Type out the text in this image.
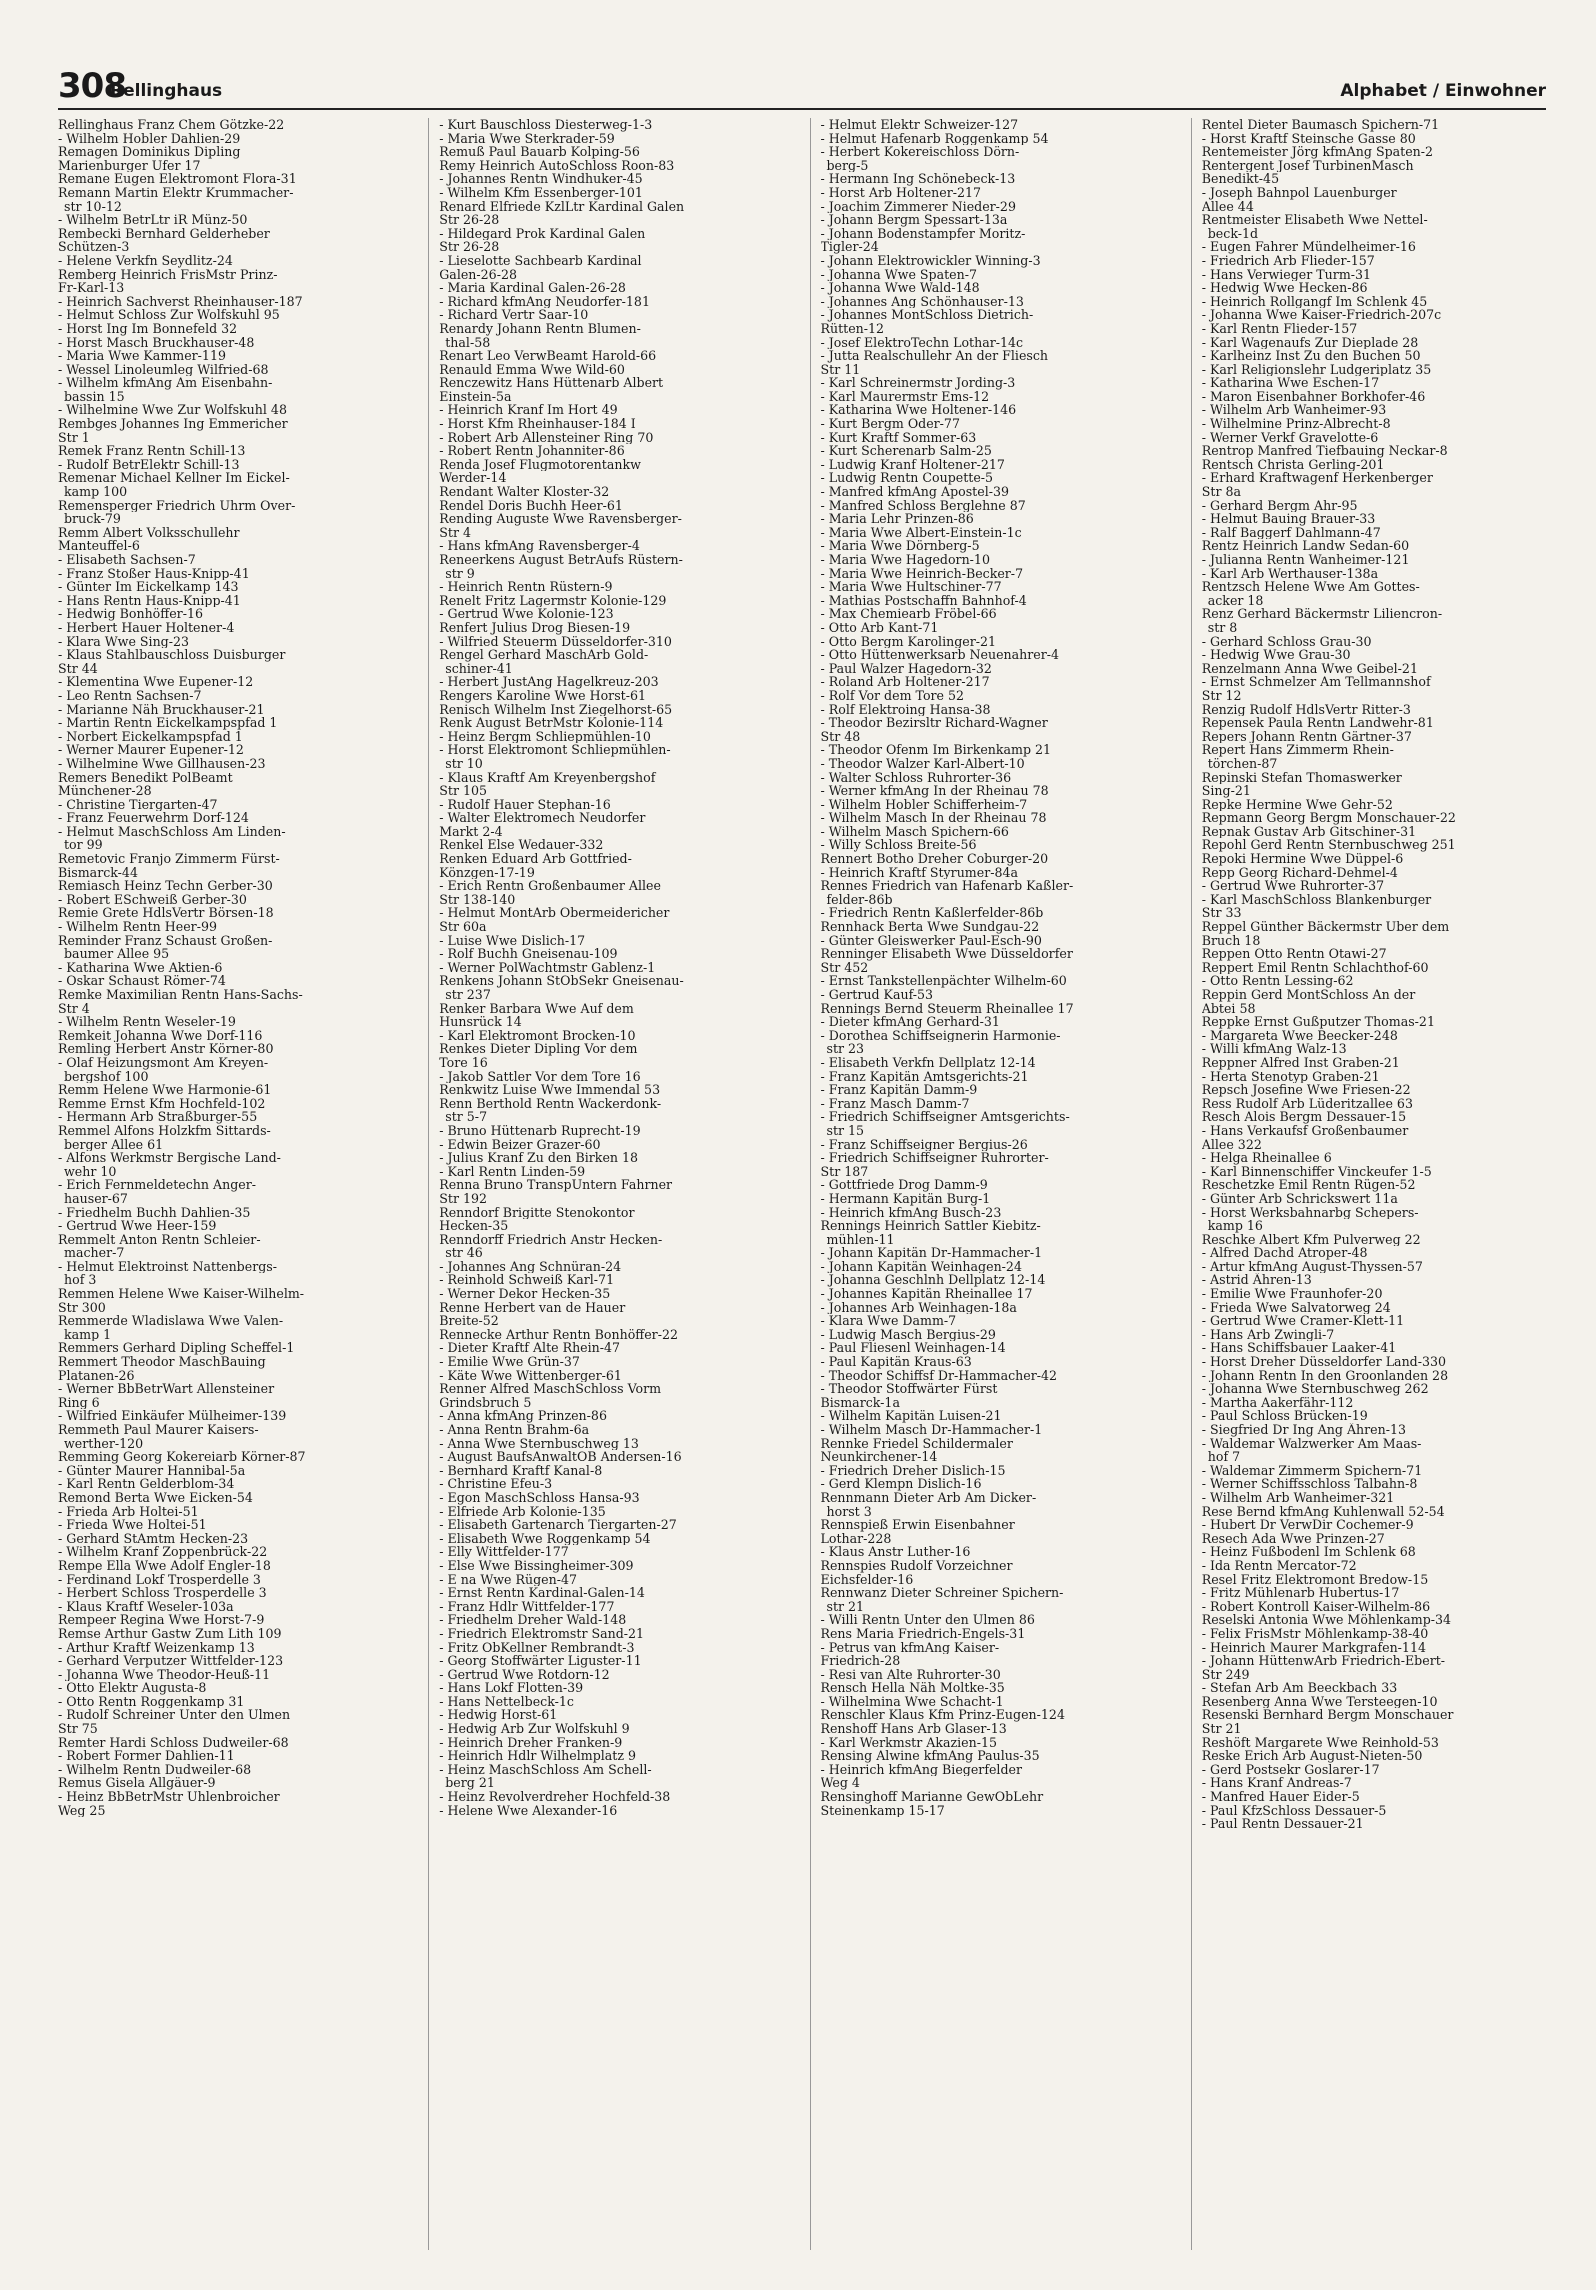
308
Rellinghaus	Alphabet / Einwohner
Rellinghaus Franz Chem Götzke-22
- Wilhelm Hobler Dahlien-29
Remagen Dominikus Dipling
Marienburger Ufer 17
Remane Eugen Elektromont Flora-31
Remann Martin Elektr Krummacher-
str 10-12
- Wilhelm BetrLtr iR Münz-50
Rembecki Bernhard Gelderheber
Schützen-3
- Helene Verkfn Seydlitz-24
Remberg Heinrich FrisMstr Prinz-
Fr-Karl-13
- Heinrich Sachverst Rheinhauser-187
- Helmut Schloss Zur Wolfskuhl 95
- Horst Ing Im Bonnefeld 32
- Horst Masch Bruckhauser-48
- Maria Wwe Kammer-119
- Wessel Linoleumleg Wilfried-68
- Wilhelm kfmAng Am Eisenbahn-
bassin 15
- Wilhelmine Wwe Zur Wolfskuhl 48
Rembges Johannes Ing Emmericher
Str 1
Remek Franz Rentn Schill-13
- Rudolf BetrElektr Schill-13
Remenar Michael Kellner Im Eickel-
kamp 100
Remensperger Friedrich Uhrm Over-
bruck-79
Remm Albert Volksschullehr
Manteuffel-6
- Elisabeth Sachsen-7
- Franz Stoßer Haus-Knipp-41
- Günter Im Eickelkamp 143
- Hans Rentn Haus-Knipp-41
- Hedwig Bonhöffer-16
- Herbert Hauer Holtener-4
- Klara Wwe Sing-23
- Klaus Stahlbauschloss Duisburger
Str 44
- Klementina Wwe Eupener-12
- Leo Rentn Sachsen-7
- Marianne Näh Bruckhauser-21
- Martin Rentn Eickelkampspfad 1
- Norbert Eickelkampspfad 1
- Werner Maurer Eupener-12
- Wilhelmine Wwe Gillhausen-23
Remers Benedikt PolBeamt
Münchener-28
- Christine Tiergarten-47
- Franz Feuerwehrm Dorf-124
- Helmut MaschSchloss Am Linden-
tor 99
Remetovic Franjo Zimmerm Fürst-
Bismarck-44
Remiasch Heinz Techn Gerber-30
- Robert ESchweiß Gerber-30
Remie Grete HdlsVertr Börsen-18
- Wilhelm Rentn Heer-99
Reminder Franz Schaust Großen-
baumer Allee 95
- Katharina Wwe Aktien-6
- Oskar Schaust Römer-74
Remke Maximilian Rentn Hans-Sachs-
Str 4
- Wilhelm Rentn Weseler-19
Remkeit Johanna Wwe Dorf-116
Remling Herbert Anstr Körner-80
- Olaf Heizungsmont Am Kreyen-
bergshof 100
Remm Helene Wwe Harmonie-61
Remme Ernst Kfm Hochfeld-102
- Hermann Arb Straßburger-55
Remmel Alfons Holzkfm Sittards-
berger Allee 61
- Alfons Werkmstr Bergische Land-
wehr 10
- Erich Fernmeldetechn Anger-
hauser-67
- Friedhelm Buchh Dahlien-35
- Gertrud Wwe Heer-159
Remmelt Anton Rentn Schleier-
macher-7
- Helmut Elektroinst Nattenbergs-
hof 3
Remmen Helene Wwe Kaiser-Wilhelm-
Str 300
Remmerde Wladislawa Wwe Valen-
kamp 1
Remmers Gerhard Dipling Scheffel-1
Remmert Theodor MaschBauing
Platanen-26
- Werner BbBetrWart Allensteiner
Ring 6
- Wilfried Einkäufer Mülheimer-139
Remmeth Paul Maurer Kaisers-
werther-120
Remming Georg Kokereiarb Körner-87
- Günter Maurer Hannibal-5a
- Karl Rentn Gelderblom-34
Remond Berta Wwe Eicken-54
- Frieda Arb Holtei-51
- Frieda Wwe Holtei-51
- Gerhard StAmtm Hecken-23
- Wilhelm Kranf Zoppenbrück-22
Rempe Ella Wwe Adolf Engler-18
- Ferdinand Lokf Trosperdelle 3
- Herbert Schloss Trosperdelle 3
- Klaus Kraftf Weseler-103a
Rempeer Regina Wwe Horst-7-9
Remse Arthur Gastw Zum Lith 109
- Arthur Kraftf Weizenkamp 13
- Gerhard Verputzer Wittfelder-123
- Johanna Wwe Theodor-Heuß-11
- Otto Elektr Augusta-8
- Otto Rentn Roggenkamp 31
- Rudolf Schreiner Unter den Ulmen
Str 75
Remter Hardi Schloss Dudweiler-68
- Robert Former Dahlien-11
- Wilhelm Rentn Dudweiler-68
Remus Gisela Allgäuer-9
- Heinz BbBetrMstr Uhlenbroicher
Weg 25
- Kurt Bauschloss Diesterweg-1-3
- Maria Wwe Sterkrader-59
Remuß Paul Bauarb Kolping-56
Remy Heinrich AutoSchloss Roon-83
- Johannes Rentn Windhuker-45
- Wilhelm Kfm Essenberger-101
Renard Elfriede KzlLtr Kardinal Galen
Str 26-28
- Hildegard Prok Kardinal Galen
Str 26-28
- Lieselotte Sachbearb Kardinal
Galen-26-28
- Maria Kardinal Galen-26-28
- Richard kfmAng Neudorfer-181
- Richard Vertr Saar-10
Renardy Johann Rentn Blumen-
thal-58
Renart Leo VerwBeamt Harold-66
Renauld Emma Wwe Wild-60
Renczewitz Hans Hüttenarb Albert
Einstein-5a
- Heinrich Kranf Im Hort 49
- Horst Kfm Rheinhauser-184 I
- Robert Arb Allensteiner Ring 70
- Robert Rentn Johanniter-86
Renda Josef Flugmotorentankw
Werder-14
Rendant Walter Kloster-32
Rendel Doris Buchh Heer-61
Rending Auguste Wwe Ravensberger-
Str 4
- Hans kfmAng Ravensberger-4
Reneerkens August BetrAufs Rüstern-
str 9
- Heinrich Rentn Rüstern-9
Renelt Fritz Lagermstr Kolonie-129
- Gertrud Wwe Kolonie-123
Renfert Julius Drog Biesen-19
- Wilfried Steuerm Düsseldorfer-310
Rengel Gerhard MaschArb Gold-
schiner-41
- Herbert JustAng Hagelkreuz-203
Rengers Karoline Wwe Horst-61
Renisch Wilhelm Inst Ziegelhorst-65
Renk August BetrMstr Kolonie-114
- Heinz Bergm Schliepmühlen-10
- Horst Elektromont Schliepmühlen-
str 10
- Klaus Kraftf Am Kreyenbergshof
Str 105
- Rudolf Hauer Stephan-16
- Walter Elektromech Neudorfer
Markt 2-4
Renkel Else Wedauer-332
Renken Eduard Arb Gottfried-
Könzgen-17-19
- Erich Rentn Großenbaumer Allee
Str 138-140
- Helmut MontArb Obermeidericher
Str 60a
- Luise Wwe Dislich-17
- Rolf Buchh Gneisenau-109
- Werner PolWachtmstr Gablenz-1
Renkens Johann StObSekr Gneisenau-
str 237
Renker Barbara Wwe Auf dem
Hunsrück 14
- Karl Elektromont Brocken-10
Renkes Dieter Dipling Vor dem
Tore 16
- Jakob Sattler Vor dem Tore 16
Renkwitz Luise Wwe Immendal 53
Renn Berthold Rentn Wackerdonk-
str 5-7
- Bruno Hüttenarb Ruprecht-19
- Edwin Beizer Grazer-60
- Julius Kranf Zu den Birken 18
- Karl Rentn Linden-59
Renna Bruno TranspUntern Fahrner
Str 192
Renndorf Brigitte Stenokontor
Hecken-35
Renndorff Friedrich Anstr Hecken-
str 46
- Johannes Ang Schnüran-24
- Reinhold Schweiß Karl-71
- Werner Dekor Hecken-35
Renne Herbert van de Hauer
Breite-52
Rennecke Arthur Rentn Bonhöffer-22
- Dieter Kraftf Alte Rhein-47
- Emilie Wwe Grün-37
- Käte Wwe Wittenberger-61
Renner Alfred MaschSchloss Vorm
Grindsbruch 5
- Anna kfmAng Prinzen-86
- Anna Rentn Brahm-6a
- Anna Wwe Sternbuschweg 13
- August BaufsAnwaltOB Andersen-16
- Bernhard Kraftf Kanal-8
- Christine Efeu-3
- Egon MaschSchloss Hansa-93
- Elfriede Arb Kolonie-135
- Elisabeth Gartenarch Tiergarten-27
- Elisabeth Wwe Roggenkamp 54
- Elly Wittfelder-177
- Else Wwe Bissingheimer-309
- E na Wwe Rügen-47
- Ernst Rentn Kardinal-Galen-14
- Franz Hdlr Wittfelder-177
- Friedhelm Dreher Wald-148
- Friedrich Elektromstr Sand-21
- Fritz ObKellner Rembrandt-3
- Georg Stoffwärter Liguster-11
- Gertrud Wwe Rotdorn-12
- Hans Lokf Flotten-39
- Hans Nettelbeck-1c
- Hedwig Horst-61
- Hedwig Arb Zur Wolfskuhl 9
- Heinrich Dreher Franken-9
- Heinrich Hdlr Wilhelmplatz 9
- Heinz MaschSchloss Am Schell-
berg 21
- Heinz Revolverdreher Hochfeld-38
- Helene Wwe Alexander-16
- Helmut Elektr Schweizer-127
- Helmut Hafenarb Roggenkamp 54
- Herbert Kokereischloss Dörn-
berg-5
- Hermann Ing Schönebeck-13
- Horst Arb Holtener-217
- Joachim Zimmerer Nieder-29
- Johann Bergm Spessart-13a
- Johann Bodenstampfer Moritz-
Tigler-24
- Johann Elektrowickler Winning-3
- Johanna Wwe Spaten-7
- Johanna Wwe Wald-148
- Johannes Ang Schönhauser-13
- Johannes MontSchloss Dietrich-
Rütten-12
- Josef ElektroTechn Lothar-14c
- Jutta Realschullehr An der Fliesch
Str 11
- Karl Schreinermstr Jording-3
- Karl Maurermstr Ems-12
- Katharina Wwe Holtener-146
- Kurt Bergm Oder-77
- Kurt Kraftf Sommer-63
- Kurt Scherenarb Salm-25
- Ludwig Kranf Holtener-217
- Ludwig Rentn Coupette-5
- Manfred kfmAng Apostel-39
- Manfred Schloss Berglehne 87
- Maria Lehr Prinzen-86
- Maria Wwe Albert-Einstein-1c
- Maria Wwe Dörnberg-5
- Maria Wwe Hagedorn-10
- Maria Wwe Heinrich-Becker-7
- Maria Wwe Hultschiner-77
- Mathias Postschaffn Bahnhof-4
- Max Chemiearb Fröbel-66
- Otto Arb Kant-71
- Otto Bergm Karolinger-21
- Otto Hüttenwerksarb Neuenahrer-4
- Paul Walzer Hagedorn-32
- Roland Arb Holtener-217
- Rolf Vor dem Tore 52
- Rolf Elektroing Hansa-38
- Theodor Bezirsltr Richard-Wagner
Str 48
- Theodor Ofenm Im Birkenkamp 21
- Theodor Walzer Karl-Albert-10
- Walter Schloss Ruhrorter-36
- Werner kfmAng In der Rheinau 78
- Wilhelm Hobler Schifferheim-7
- Wilhelm Masch In der Rheinau 78
- Wilhelm Masch Spichern-66
- Willy Schloss Breite-56
Rennert Botho Dreher Coburger-20
- Heinrich Kraftf Styrumer-84a
Rennes Friedrich van Hafenarb Kaßler-
felder-86b
- Friedrich Rentn Kaßlerfelder-86b
Rennhack Berta Wwe Sundgau-22
- Günter Gleiswerker Paul-Esch-90
Renninger Elisabeth Wwe Düsseldorfer
Str 452
- Ernst Tankstellenpächter Wilhelm-60
- Gertrud Kauf-53
Rennings Bernd Steuerm Rheinallee 17
- Dieter kfmAng Gerhard-31
- Dorothea Schiffseignerin Harmonie-
str 23
- Elisabeth Verkfn Dellplatz 12-14
- Franz Kapitän Amtsgerichts-21
- Franz Kapitän Damm-9
- Franz Masch Damm-7
- Friedrich Schiffseigner Amtsgerichts-
str 15
- Franz Schiffseigner Bergius-26
- Friedrich Schiffseigner Ruhrorter-
Str 187
- Gottfriede Drog Damm-9
- Hermann Kapitän Burg-1
- Heinrich kfmAng Busch-23
Rennings Heinrich Sattler Kiebitz-
mühlen-11
- Johann Kapitän Dr-Hammacher-1
- Johann Kapitän Weinhagen-24
- Johanna Geschlnh Dellplatz 12-14
- Johannes Kapitän Rheinallee 17
- Johannes Arb Weinhagen-18a
- Klara Wwe Damm-7
- Ludwig Masch Bergius-29
- Paul Fliesenl Weinhagen-14
- Paul Kapitän Kraus-63
- Theodor Schiffsf Dr-Hammacher-42
- Theodor Stoffwärter Fürst
Bismarck-1a
- Wilhelm Kapitän Luisen-21
- Wilhelm Masch Dr-Hammacher-1
Rennke Friedel Schildermaler
Neunkirchener-14
- Friedrich Dreher Dislich-15
- Gerd Klempn Dislich-16
Rennmann Dieter Arb Am Dicker-
horst 3
Rennspieß Erwin Eisenbahner
Lothar-228
- Klaus Anstr Luther-16
Rennspies Rudolf Vorzeichner
Eichsfelder-16
Rennwanz Dieter Schreiner Spichern-
str 21
- Willi Rentn Unter den Ulmen 86
Rens Maria Friedrich-Engels-31
- Petrus van kfmAng Kaiser-
Friedrich-28
- Resi van Alte Ruhrorter-30
Rensch Hella Näh Moltke-35
- Wilhelmina Wwe Schacht-1
Renschler Klaus Kfm Prinz-Eugen-124
Renshoff Hans Arb Glaser-13
- Karl Werkmstr Akazien-15
Rensing Alwine kfmAng Paulus-35
- Heinrich kfmAng Biegerfelder
Weg 4
Rensinghoff Marianne GewObLehr
Steinenkamp 15-17
Rentel Dieter Baumasch Spichern-71
- Horst Kraftf Steinsche Gasse 80
Rentemeister Jörg kfmAng Spaten-2
Rentergent Josef TurbinenMasch
Benedikt-45
- Joseph Bahnpol Lauenburger
Allee 44
Rentmeister Elisabeth Wwe Nettel-
beck-1d
- Eugen Fahrer Mündelheimer-16
- Friedrich Arb Flieder-157
- Hans Verwieger Turm-31
- Hedwig Wwe Hecken-86
- Heinrich Rollgangf Im Schlenk 45
- Johanna Wwe Kaiser-Friedrich-207c
- Karl Rentn Flieder-157
- Karl Wagenaufs Zur Dieplade 28
- Karlheinz Inst Zu den Buchen 50
- Karl Religionslehr Ludgeriplatz 35
- Katharina Wwe Eschen-17
- Maron Eisenbahner Borkhofer-46
- Wilhelm Arb Wanheimer-93
- Wilhelmine Prinz-Albrecht-8
- Werner Verkf Gravelotte-6
Rentrop Manfred Tiefbauing Neckar-8
Rentsch Christa Gerling-201
- Erhard Kraftwagenf Herkenberger
Str 8a
- Gerhard Bergm Ahr-95
- Helmut Bauing Brauer-33
- Ralf Baggerf Dahlmann-47
Rentz Heinrich Landw Sedan-60
- Julianna Rentn Wanheimer-121
- Karl Arb Werthauser-138a
Rentzsch Helene Wwe Am Gottes-
acker 18
Renz Gerhard Bäckermstr Liliencron-
str 8
- Gerhard Schloss Grau-30
- Hedwig Wwe Grau-30
Renzelmann Anna Wwe Geibel-21
- Ernst Schmelzer Am Tellmannshof
Str 12
Renzig Rudolf HdlsVertr Ritter-3
Repensek Paula Rentn Landwehr-81
Repers Johann Rentn Gärtner-37
Repert Hans Zimmerm Rhein-
törchen-87
Repinski Stefan Thomaswerker
Sing-21
Repke Hermine Wwe Gehr-52
Repmann Georg Bergm Monschauer-22
Repnak Gustav Arb Gitschiner-31
Repohl Gerd Rentn Sternbuschweg 251
Repoki Hermine Wwe Düppel-6
Repp Georg Richard-Dehmel-4
- Gertrud Wwe Ruhrorter-37
- Karl MaschSchloss Blankenburger
Str 33
Reppel Günther Bäckermstr Über dem
Bruch 18
Reppen Otto Rentn Otawi-27
Reppert Emil Rentn Schlachthof-60
- Otto Rentn Lessing-62
Reppin Gerd MontSchloss An der
Abtei 58
Reppke Ernst Gußputzer Thomas-21
- Margareta Wwe Beecker-248
- Willi kfmAng Walz-13
Reppner Alfred Inst Graben-21
- Herta Stenotyp Graben-21
Repsch Josefine Wwe Friesen-22
Ress Rudolf Arb Lüderitzallee 63
Resch Alois Bergm Dessauer-15
- Hans Verkaufsf Großenbaumer
Allee 322
- Helga Rheinallee 6
- Karl Binnenschiffer Vinckeufer 1-5
Reschetzke Emil Rentn Rügen-52
- Günter Arb Schrickswert 11a
- Horst Werksbahnarbg Schepers-
kamp 16
Reschke Albert Kfm Pulverweg 22
- Alfred Dachd Atroper-48
- Artur kfmAng August-Thyssen-57
- Astrid Ähren-13
- Emilie Wwe Fraunhofer-20
- Frieda Wwe Salvatorweg 24
- Gertrud Wwe Cramer-Klett-11
- Hans Arb Zwingli-7
- Hans Schiffsbauer Laaker-41
- Horst Dreher Düsseldorfer Land-330
- Johann Rentn In den Groonlanden 28
- Johanna Wwe Sternbuschweg 262
- Martha Aakerfähr-112
- Paul Schloss Brücken-19
- Siegfried Dr Ing Ang Ähren-13
- Waldemar Walzwerker Am Maas-
hof 7
- Waldemar Zimmerm Spichern-71
- Werner Schiffsschloss Talbahn-8
- Wilhelm Arb Wanheimer-321
Rese Bernd kfmAng Kuhlenwall 52-54
- Hubert Dr VerwDir Cochemer-9
Resech Ada Wwe Prinzen-27
- Heinz Fußbodenl Im Schlenk 68
- Ida Rentn Mercator-72
Resel Fritz Elektromont Bredow-15
- Fritz Mühlenarb Hubertus-17
- Robert Kontroll Kaiser-Wilhelm-86
Reselski Antonia Wwe Möhlenkamp-34
- Felix FrisMstr Möhlenkamp-38-40
- Heinrich Maurer Markgrafen-114
- Johann HüttenwArb Friedrich-Ebert-
Str 249
- Stefan Arb Am Beeckbach 33
Resenberg Anna Wwe Tersteegen-10
Resenski Bernhard Bergm Monschauer
Str 21
Reshöft Margarete Wwe Reinhold-53
Reske Erich Arb August-Nieten-50
- Gerd Postsekr Goslarer-17
- Hans Kranf Andreas-7
- Manfred Hauer Eider-5
- Paul KfzSchloss Dessauer-5
- Paul Rentn Dessauer-21
